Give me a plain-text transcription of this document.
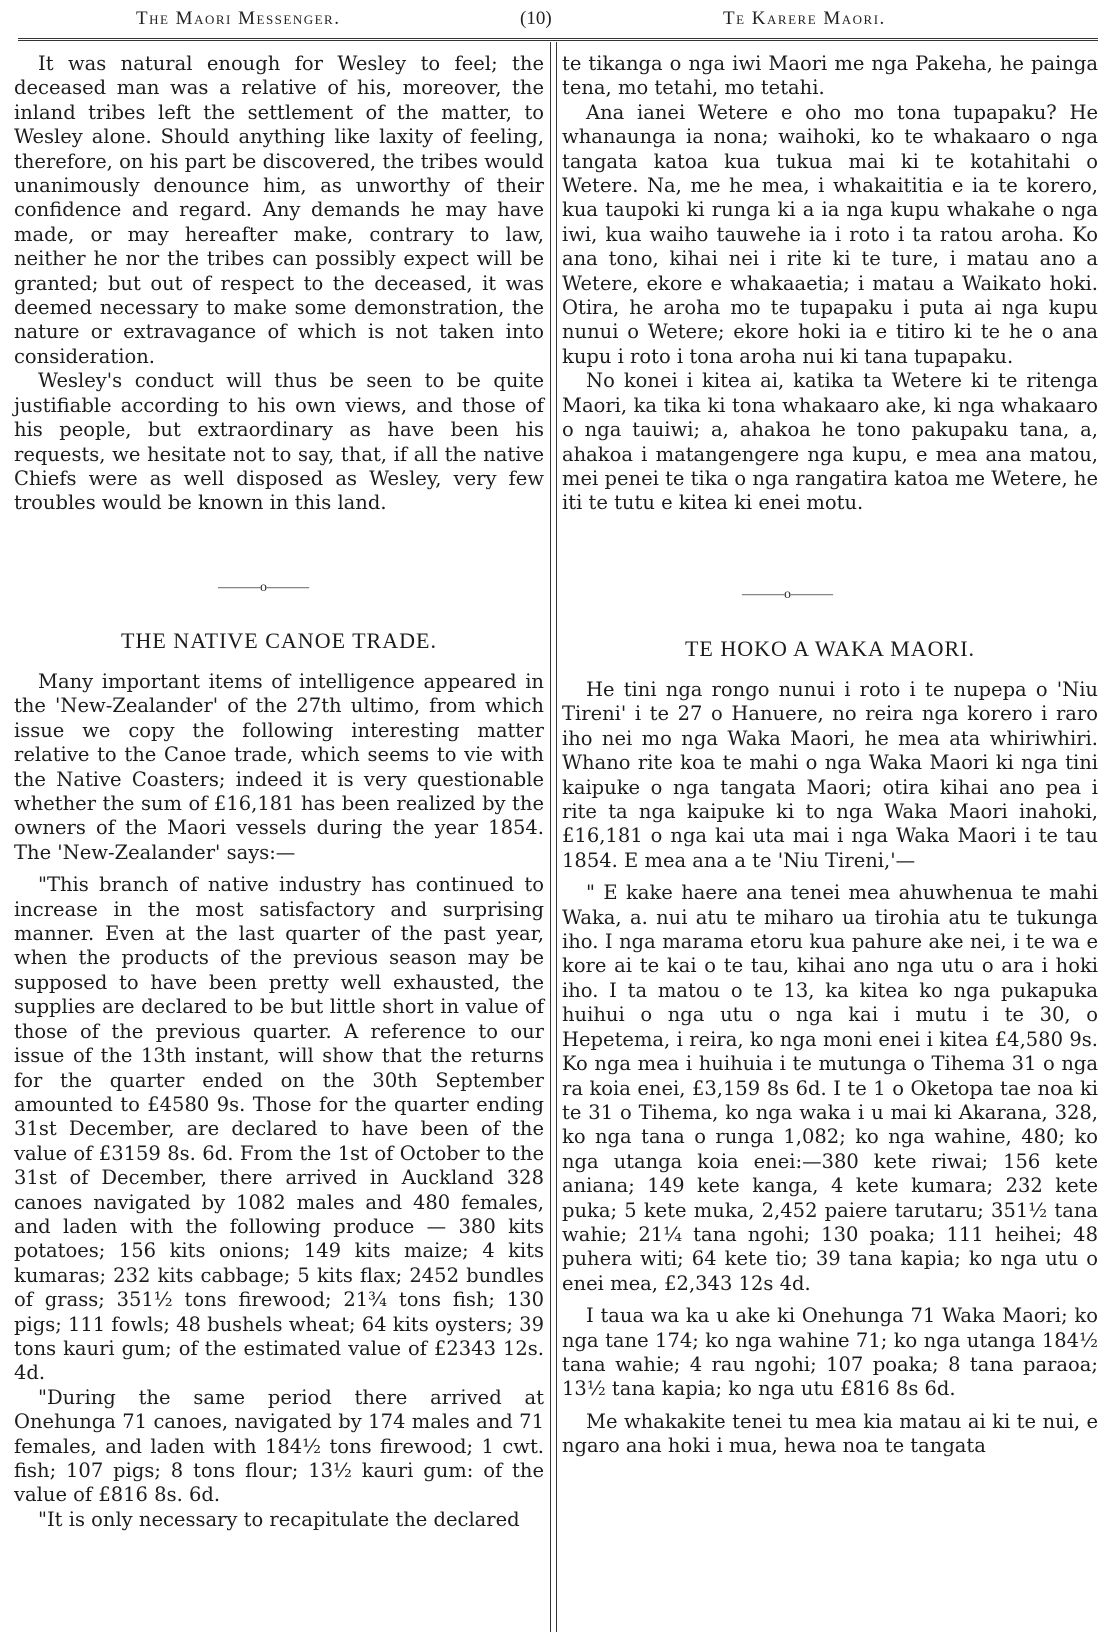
The Maori Messenger.	(10)	Te Karere Maori.

It was natural enough for Wesley to feel; the deceased man was a relative of his, moreover, the inland tribes left the settlement of the matter, to Wesley alone. Should anything like laxity of feeling, therefore, on his part be discovered, the tribes would unanimously denounce him, as unworthy of their confidence and regard. Any demands he may have made, or may hereafter make, contrary to law, neither he nor the tribes can possibly expect will be granted; but out of respect to the deceased, it was deemed necessary to make some demonstration, the nature or extravagance of which is not taken into consideration.

Wesley's conduct will thus be seen to be quite justifiable according to his own views, and those of his people, but extraordinary as have been his requests, we hesitate not to say, that, if all the native Chiefs were as well disposed as Wesley, very few troubles would be known in this land.

———o———
THE NATIVE CANOE TRADE.

Many important items of intelligence appeared in the 'New-Zealander' of the 27th ultimo, from which issue we copy the following interesting matter relative to the Canoe trade, which seems to vie with the Native Coasters; indeed it is very questionable whether the sum of £16,181 has been realized by the owners of the Maori vessels during the year 1854. The 'New-Zealander' says:—

"This branch of native industry has continued to increase in the most satisfactory and surprising manner. Even at the last quarter of the past year, when the products of the previous season may be supposed to have been pretty well exhausted, the supplies are declared to be but little short in value of those of the previous quarter. A reference to our issue of the 13th instant, will show that the returns for the quarter ended on the 30th September amounted to £4580 9s. Those for the quarter ending 31st December, are declared to have been of the value of £3159 8s. 6d. From the 1st of October to the 31st of December, there arrived in Auckland 328 canoes navigated by 1082 males and 480 females, and laden with the following produce — 380 kits potatoes; 156 kits onions; 149 kits maize; 4 kits kumaras; 232 kits cabbage; 5 kits flax; 2452 bundles of grass; 351½ tons firewood; 21¾ tons fish; 130 pigs; 111 fowls; 48 bushels wheat; 64 kits oysters; 39 tons kauri gum; of the estimated value of £2343 12s. 4d.

"During the same period there arrived at Onehunga 71 canoes, navigated by 174 males and 71 females, and laden with 184½ tons firewood; 1 cwt. fish; 107 pigs; 8 tons flour; 13½ kauri gum: of the value of £816 8s. 6d.

"It is only necessary to recapitulate the declared

te tikanga o nga iwi Maori me nga Pakeha, he painga tena, mo tetahi, mo tetahi.

Ana ianei Wetere e oho mo tona tupapaku? He whanaunga ia nona; waihoki, ko te whakaaro o nga tangata katoa kua tukua mai ki te kotahitahi o Wetere. Na, me he mea, i whakaititia e ia te korero, kua taupoki ki runga ki a ia nga kupu whakahe o nga iwi, kua waiho tauwehe ia i roto i ta ratou aroha. Ko ana tono, kihai nei i rite ki te ture, i matau ano a Wetere, ekore e whakaaetia; i matau a Waikato hoki. Otira, he aroha mo te tupapaku i puta ai nga kupu nunui o Wetere; ekore hoki ia e titiro ki te he o ana kupu i roto i tona aroha nui ki tana tupapaku.

No konei i kitea ai, katika ta Wetere ki te ritenga Maori, ka tika ki tona whakaaro ake, ki nga whakaaro o nga tauiwi; a, ahakoa he tono pakupaku tana, a, ahakoa i matangengere nga kupu, e mea ana matou, mei penei te tika o nga rangatira katoa me Wetere, he iti te tutu e kitea ki enei motu.

———o———
TE HOKO A WAKA MAORI.

He tini nga rongo nunui i roto i te nupepa o 'Niu Tireni' i te 27 o Hanuere, no reira nga korero i raro iho nei mo nga Waka Maori, he mea ata whiriwhiri. Whano rite koa te mahi o nga Waka Maori ki nga tini kaipuke o nga tangata Maori; otira kihai ano pea i rite ta nga kaipuke ki to nga Waka Maori inahoki, £16,181 o nga kai uta mai i nga Waka Maori i te tau 1854. E mea ana a te 'Niu Tireni,'—

" E kake haere ana tenei mea ahuwhenua te mahi Waka, a. nui atu te miharo ua tirohia atu te tukunga iho. I nga marama etoru kua pahure ake nei, i te wa e kore ai te kai o te tau, kihai ano nga utu o ara i hoki iho. I ta matou o te 13, ka kitea ko nga pukapuka huihui o nga utu o nga kai i mutu i te 30, o Hepetema, i reira, ko nga moni enei i kitea £4,580 9s. Ko nga mea i huihuia i te mutunga o Tihema 31 o nga ra koia enei, £3,159 8s 6d. I te 1 o Oketopa tae noa ki te 31 o Tihema, ko nga waka i u mai ki Akarana, 328, ko nga tana o runga 1,082; ko nga wahine, 480; ko nga utanga koia enei:—380 kete riwai; 156 kete aniana; 149 kete kanga, 4 kete kumara; 232 kete puka; 5 kete muka, 2,452 paiere tarutaru; 351½ tana wahie; 21¼ tana ngohi; 130 poaka; 111 heihei; 48 puhera witi; 64 kete tio; 39 tana kapia; ko nga utu o enei mea, £2,343 12s 4d.

I taua wa ka u ake ki Onehunga 71 Waka Maori; ko nga tane 174; ko nga wahine 71; ko nga utanga 184½ tana wahie; 4 rau ngohi; 107 poaka; 8 tana paraoa; 13½ tana kapia; ko nga utu £816 8s 6d.

Me whakakite tenei tu mea kia matau ai ki te nui, e ngaro ana hoki i mua, hewa noa te tangata
